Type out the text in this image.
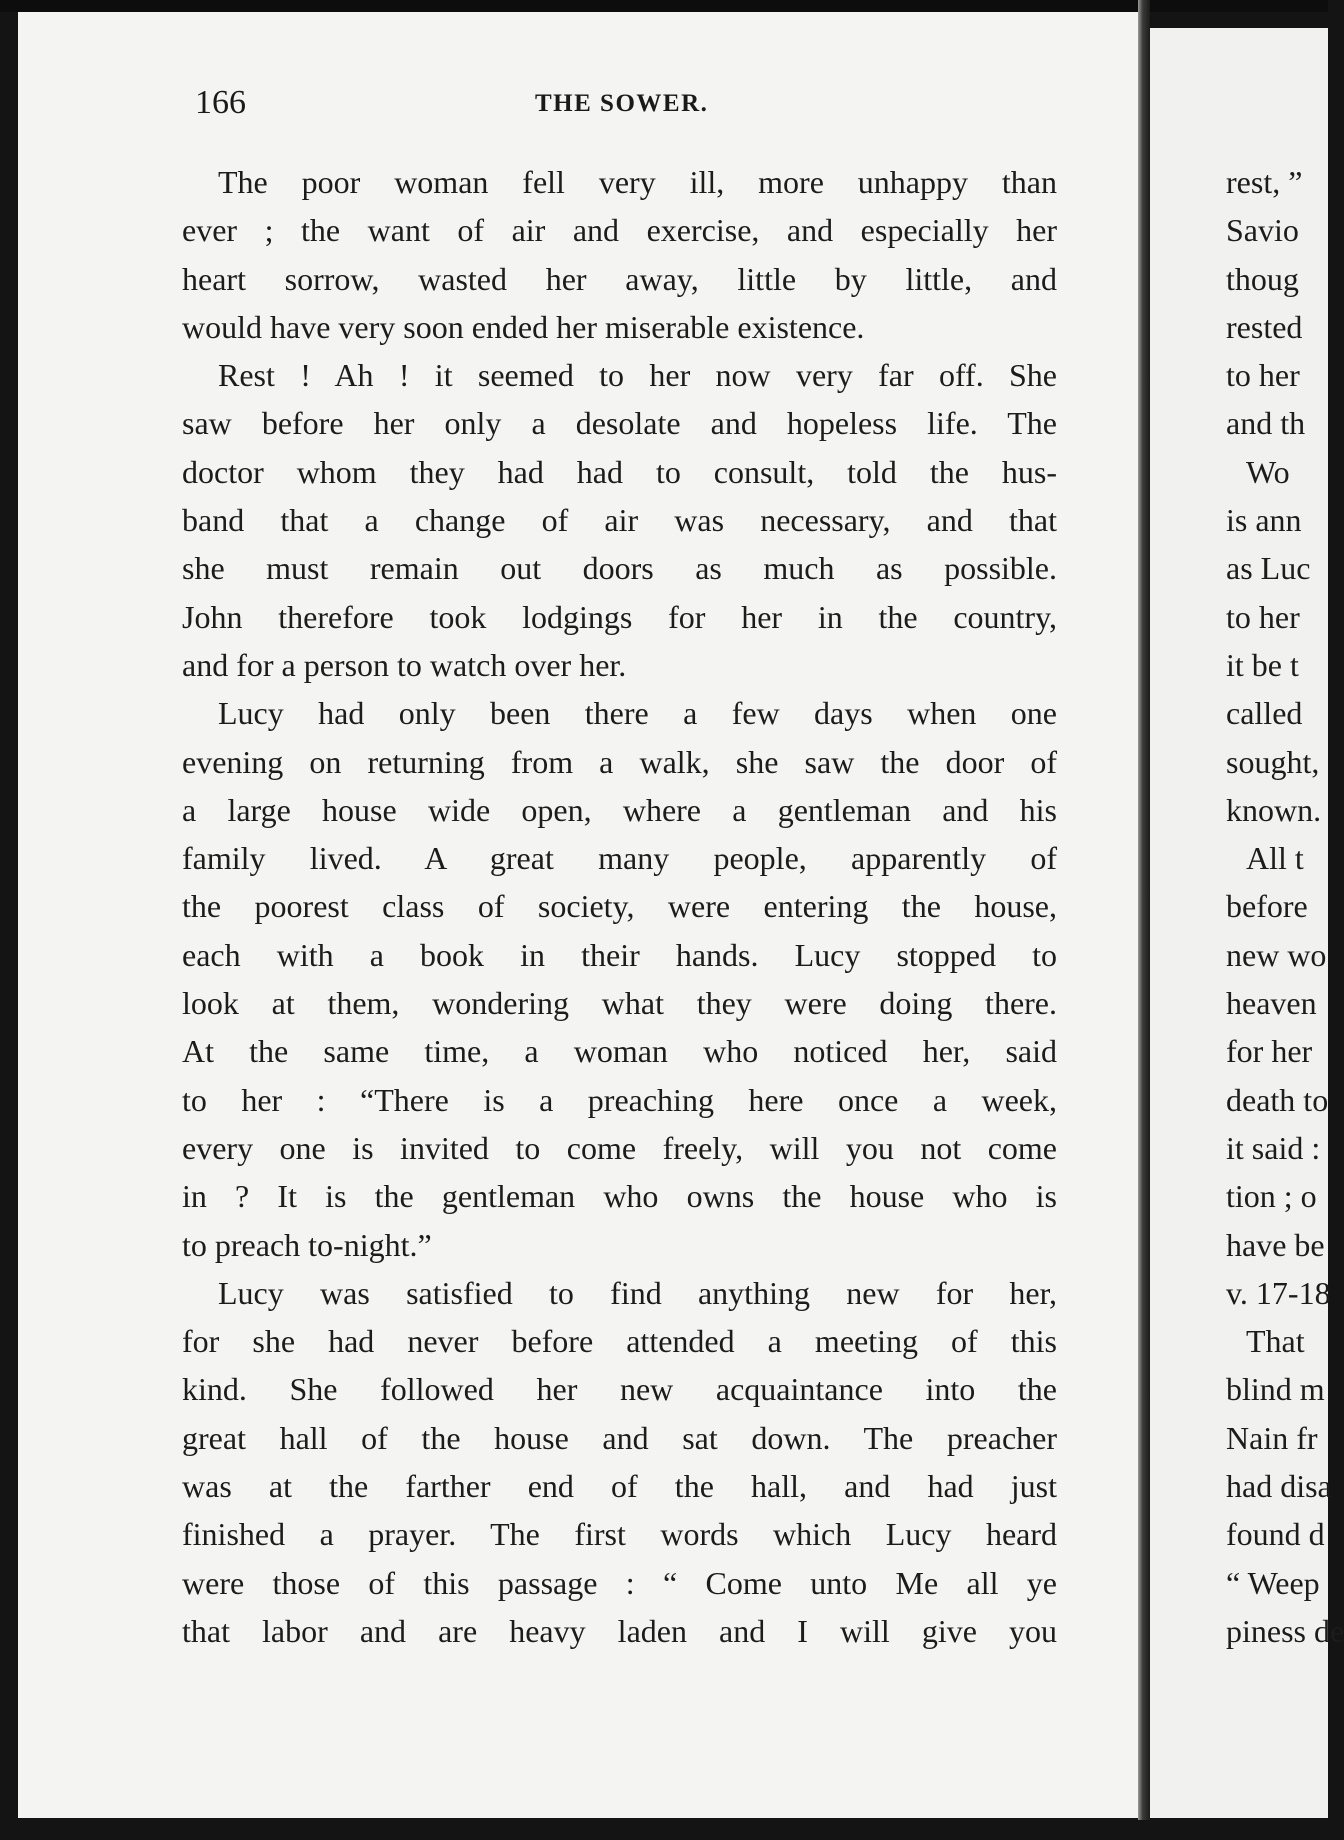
166	THE SOWER.
The poor woman fell very ill, more unhappy than
ever ; the want of air and exercise, and especially her
heart sorrow, wasted her away, little by little, and
would have very soon ended her miserable existence.
Rest ! Ah ! it seemed to her now very far off. She
saw before her only a desolate and hopeless life. The
doctor whom they had had to consult, told the hus-
band that a change of air was necessary, and that
she must remain out doors as much as possible.
John therefore took lodgings for her in the country,
and for a person to watch over her.
Lucy had only been there a few days when one
evening on returning from a walk, she saw the door of
a large house wide open, where a gentleman and his
family lived. A great many people, apparently of
the poorest class of society, were entering the house,
each with a book in their hands. Lucy stopped to
look at them, wondering what they were doing there.
At the same time, a woman who noticed her, said
to her : “There is a preaching here once a week,
every one is invited to come freely, will you not come
in ? It is the gentleman who owns the house who is
to preach to-night.”
Lucy was satisfied to find anything new for her,
for she had never before attended a meeting of this
kind. She followed her new acquaintance into the
great hall of the house and sat down. The preacher
was at the farther end of the hall, and had just
finished a prayer. The first words which Lucy heard
were those of this passage : “ Come unto Me all ye
that labor and are heavy laden and I will give you
rest, ”
Savio
thoug
rested
to her
and th
Wo
is ann
as Luc
to her
it be t
called
sought,
known.
All t
before
new wo
heaven
for her
death to
it said :
tion ; o
have be
v. 17-18
That
blind m
Nain fr
had disa
found d
“ Weep
piness de
